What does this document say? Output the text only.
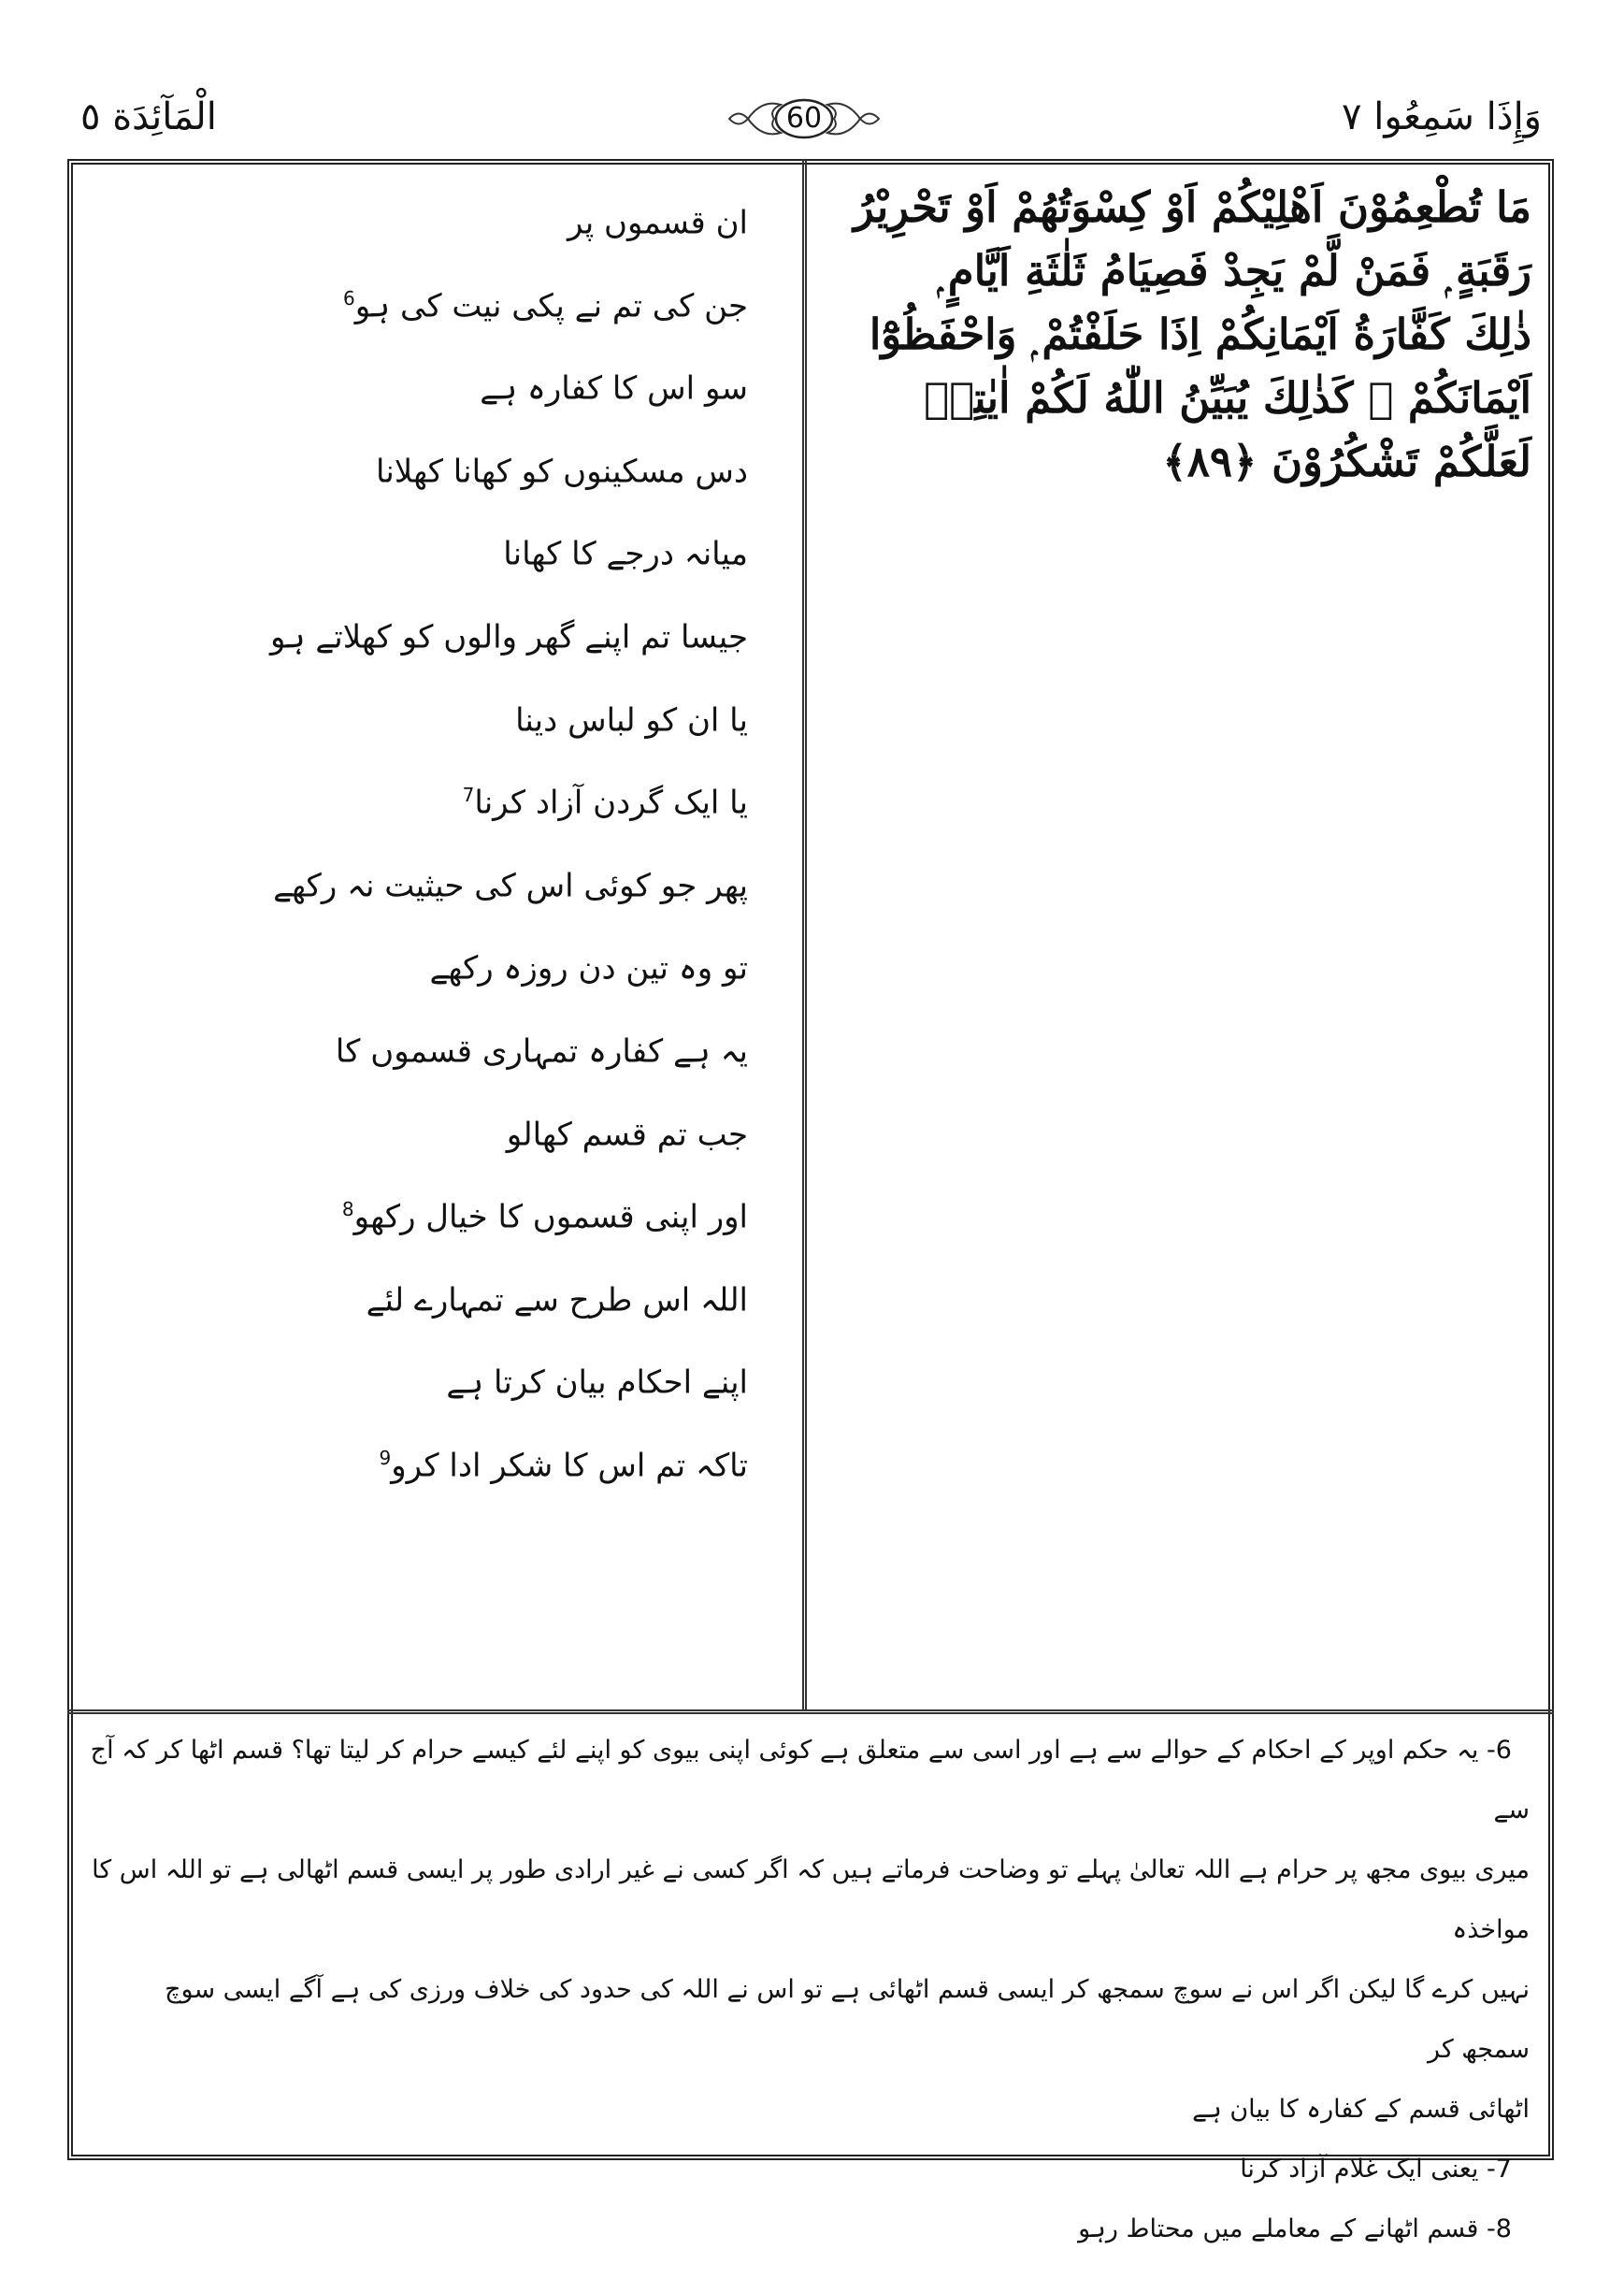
وَإِذَا سَمِعُوا ٧
60
الْمَآئِدَة ٥
مَا تُطْعِمُوْنَ اَهْلِيْكُمْ اَوْ كِسْوَتُهُمْ اَوْ تَحْرِيْرُ
رَقَبَةٍ ۭ فَمَنْ لَّمْ يَجِدْ فَصِيَامُ ثَلٰثَةِ اَيَّامٍ ۭ
ذٰلِكَ كَفَّارَةُ اَيْمَانِكُمْ اِذَا حَلَفْتُمْ ۭ وَاحْفَظُوْٓا
اَيْمَانَكُمْ ۭ كَذٰلِكَ يُبَيِّنُ اللّٰهُ لَكُمْ اٰيٰتِهٖ
لَعَلَّكُمْ تَشْكُرُوْنَ ﴿٨٩﴾
ان قسموں پر
جن کی تم نے پکی نیت کی ہو$^6$
سو اس کا کفارہ ہے
دس مسکینوں کو کھانا کھلانا
میانہ درجے کا کھانا
جیسا تم اپنے گھر والوں کو کھلاتے ہو
یا ان کو لباس دینا
یا ایک گردن آزاد کرنا$^7$
پھر جو کوئی اس کی حیثیت نہ رکھے
تو وہ تین دن روزہ رکھے
یہ ہے کفارہ تمہاری قسموں کا
جب تم قسم کھالو
اور اپنی قسموں کا خیال رکھو$^8$
اللہ اس طرح سے تمہارے لئے
اپنے احکام بیان کرتا ہے
تاکہ تم اس کا شکر ادا کرو$^9$
-6 یہ حکم اوپر کے احکام کے حوالے سے ہے اور اسی سے متعلق ہے کوئی اپنی بیوی کو اپنے لئے کیسے حرام کر لیتا تھا؟ قسم اٹھا کر کہ آج سے
میری بیوی مجھ پر حرام ہے اللہ تعالیٰ پہلے تو وضاحت فرماتے ہیں کہ اگر کسی نے غیر ارادی طور پر ایسی قسم اٹھالی ہے تو اللہ اس کا مواخذہ
نہیں کرے گا لیکن اگر اس نے سوچ سمجھ کر ایسی قسم اٹھائی ہے تو اس نے اللہ کی حدود کی خلاف ورزی کی ہے آگے ایسی سوچ سمجھ کر
اٹھائی قسم کے کفارہ کا بیان ہے
-7 یعنی ایک غلام آزاد کرنا
-8 قسم اٹھانے کے معاملے میں محتاط رہو
